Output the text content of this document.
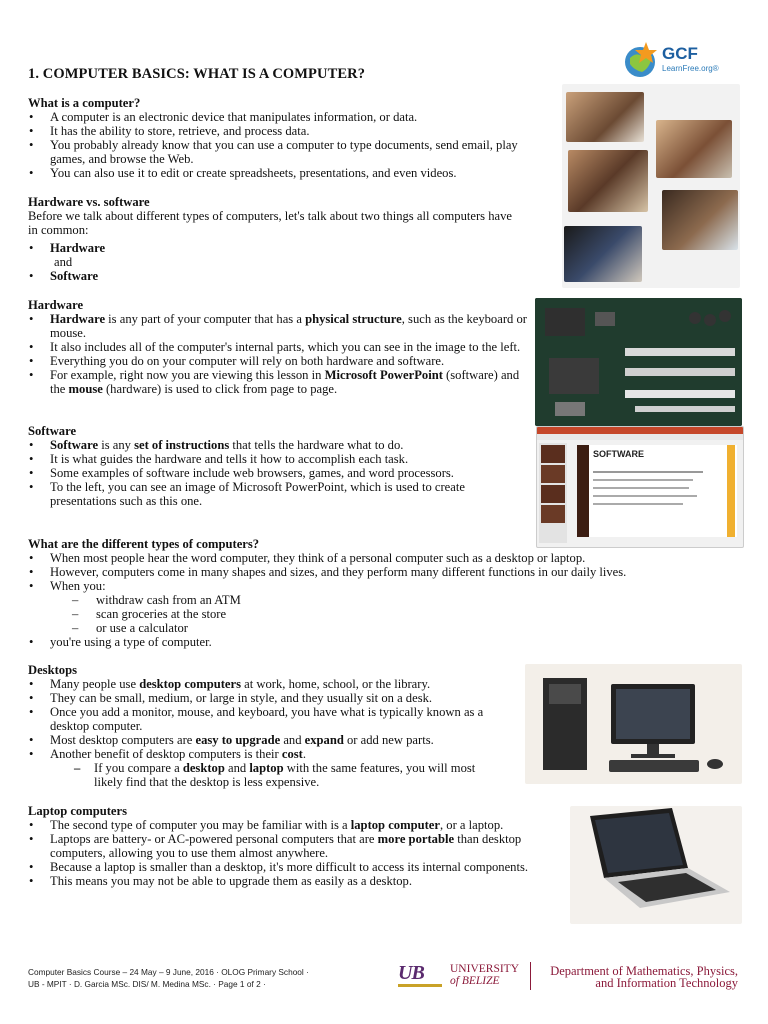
GCF
LearnFree.org®
1. COMPUTER BASICS: WHAT IS A COMPUTER?
What is a computer?
• A computer is an electronic device that manipulates information, or data.
• It has the ability to store, retrieve, and process data.
• You probably already know that you can use a computer to type documents, send email, play games, and browse the Web.
• You can also use it to edit or create spreadsheets, presentations, and even videos.
Hardware vs. software
Before we talk about different types of computers, let's talk about two things all computers have in common:
• Hardware
and
• Software
Hardware
• Hardware is any part of your computer that has a physical structure, such as the keyboard or mouse.
• It also includes all of the computer's internal parts, which you can see in the image to the left.
• Everything you do on your computer will rely on both hardware and software.
• For example, right now you are viewing this lesson in Microsoft PowerPoint (software) and the mouse (hardware) is used to click from page to page.
Software
• Software is any set of instructions that tells the hardware what to do.
• It is what guides the hardware and tells it how to accomplish each task.
• Some examples of software include web browsers, games, and word processors.
• To the left, you can see an image of Microsoft PowerPoint, which is used to create presentations such as this one.
SOFTWARE
What are the different types of computers?
• When most people hear the word computer, they think of a personal computer such as a desktop or laptop.
• However, computers come in many shapes and sizes, and they perform many different functions in our daily lives.
• When you:
– withdraw cash from an ATM
– scan groceries at the store
– or use a calculator
• you're using a type of computer.
Desktops
• Many people use desktop computers at work, home, school, or the library.
• They can be small, medium, or large in style, and they usually sit on a desk.
• Once you add a monitor, mouse, and keyboard, you have what is typically known as a desktop computer.
• Most desktop computers are easy to upgrade and expand or add new parts.
• Another benefit of desktop computers is their cost.
– If you compare a desktop and laptop with the same features, you will most likely find that the desktop is less expensive.
Laptop computers
• The second type of computer you may be familiar with is a laptop computer, or a laptop.
• Laptops are battery- or AC-powered personal computers that are more portable than desktop computers, allowing you to use them almost anywhere.
• Because a laptop is smaller than a desktop, it's more difficult to access its internal components.
• This means you may not be able to upgrade them as easily as a desktop.
Computer Basics Course – 24 May – 9 June, 2016 · OLOG Primary School ·
UB - MPIT · D. Garcia MSc. DIS/ M. Medina MSc. · Page 1 of 2 ·	UB UNIVERSITY
of BELIZE
Department of Mathematics, Physics,
and Information Technology
